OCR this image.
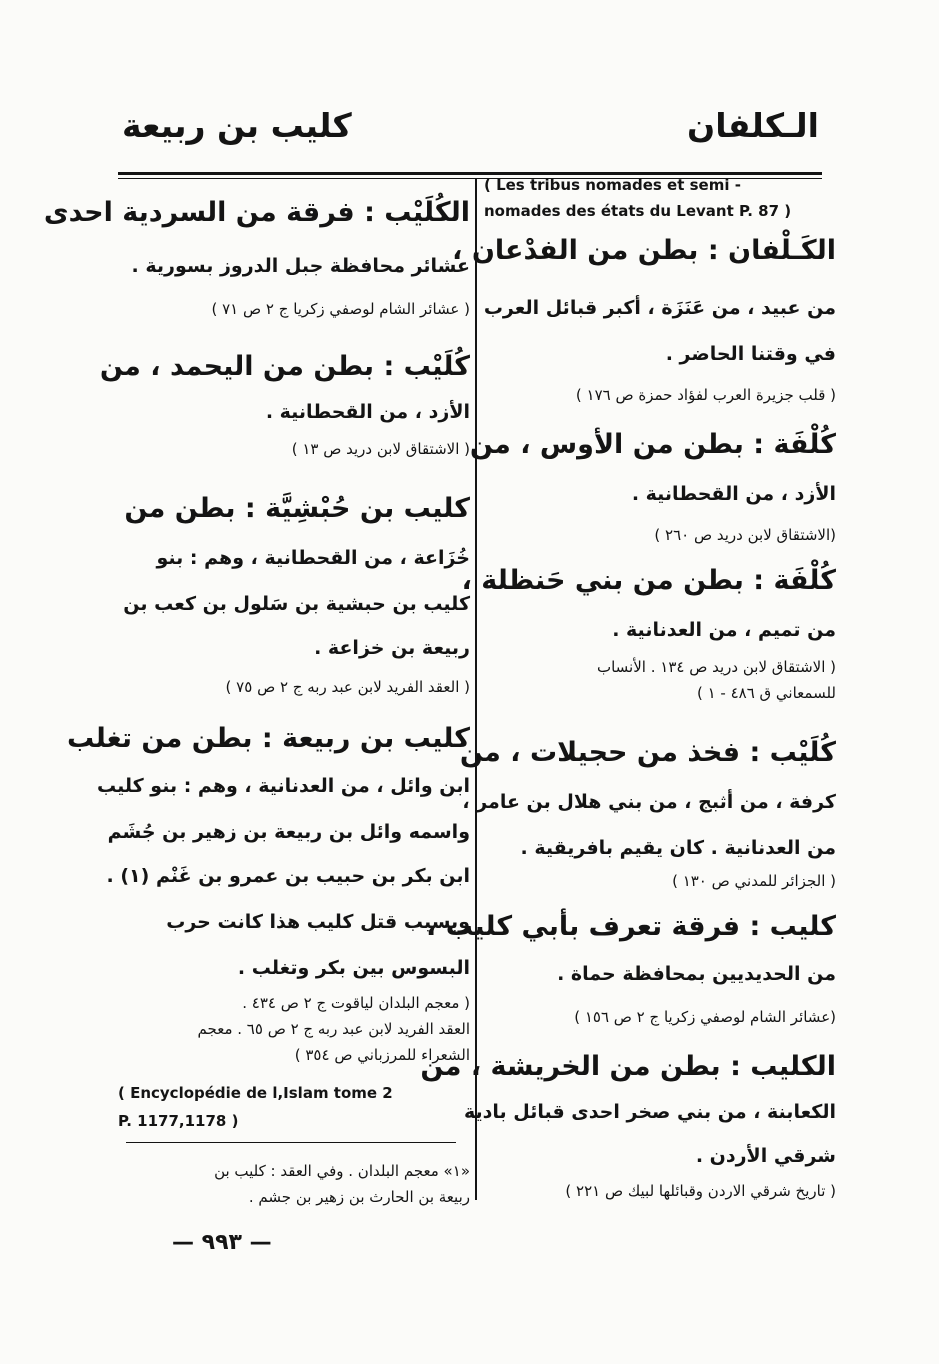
الـكلفان
كليب بن ربيعة
( Les tribus nomades et semi -
nomades des états du Levant P. 87 )
الكَـلْفان : بطن من الفدْعان ،
من عبيد ، من عَنَزَة ، أكبر قبائل العرب
في وقتنا الحاضر .
( قلب جزيرة العرب لفؤاد حمزة ص ١٧٦ )
كُلْفَة : بطن من الأوس ، من
الأزد ، من القحطانية .
(الاشتقاق لابن دريد ص ٢٦٠ )
كُلْفَة : بطن من بني حَنظلة ،
من تميم ، من العدنانية .
( الاشتقاق لابن دريد ص ١٣٤ . الأنساب
للسمعاني ق ٤٨٦ - ١ )
كُلَيْب : فخذ من حجيلات ، من
كرفة ، من أثبج ، من بني هلال بن عامر ،
من العدنانية . كان يقيم بافريقية .
( الجزائر للمدني ص ١٣٠ )
كليب : فرقة تعرف بأبي كليب ،
من الحديديين بمحافظة حماة .
(عشائر الشام لوصفي زكريا ج ٢ ص ١٥٦ )
الكليب : بطن من الخريشة ، من
الكعابنة ، من بني صخر احدى قبائل بادية
شرقي الأردن .
( تاريخ شرقي الاردن وقبائلها لبيك ص ٢٢١ )
الكُلَيْب : فرقة من السردية احدى
عشائر محافظة جبل الدروز بسورية .
( عشائر الشام لوصفي زكريا ج ٢ ص ٧١ )
كُلَيْب : بطن من اليحمد ، من
الأزد ، من القحطانية .
( الاشتقاق لابن دريد ص ١٣ )
كليب بن حُبْشِيَّة : بطن من
خُزَاعة ، من القحطانية ، وهم : بنو
كليب بن حبشية بن سَلول بن كعب بن
ربيعة بن خزاعة .
( العقد الفريد لابن عبد ربه ج ٢ ص ٧٥ )
كليب بن ربيعة : بطن من تغلب
ابن وائل ، من العدنانية ، وهم : بنو كليب
واسمه وائل بن ربيعة بن زهير بن جُشَم
ابن بكر بن حبيب بن عمرو بن غَنْم (١) .
وبسبب قتل كليب هذا كانت حرب
البسوس بين بكر وتغلب .
( معجم البلدان لياقوت ج ٢ ص ٤٣٤ .
العقد الفريد لابن عبد ربه ج ٢ ص ٦٥ . معجم
الشعراء للمرزباني ص ٣٥٤ )
( Encyclopédie de l,Islam tome 2
P. 1177,1178 )
«١» معجم البلدان . وفي العقد : كليب بن
ربيعة بن الحارث بن زهير بن جشم .
— ٩٩٣ —
